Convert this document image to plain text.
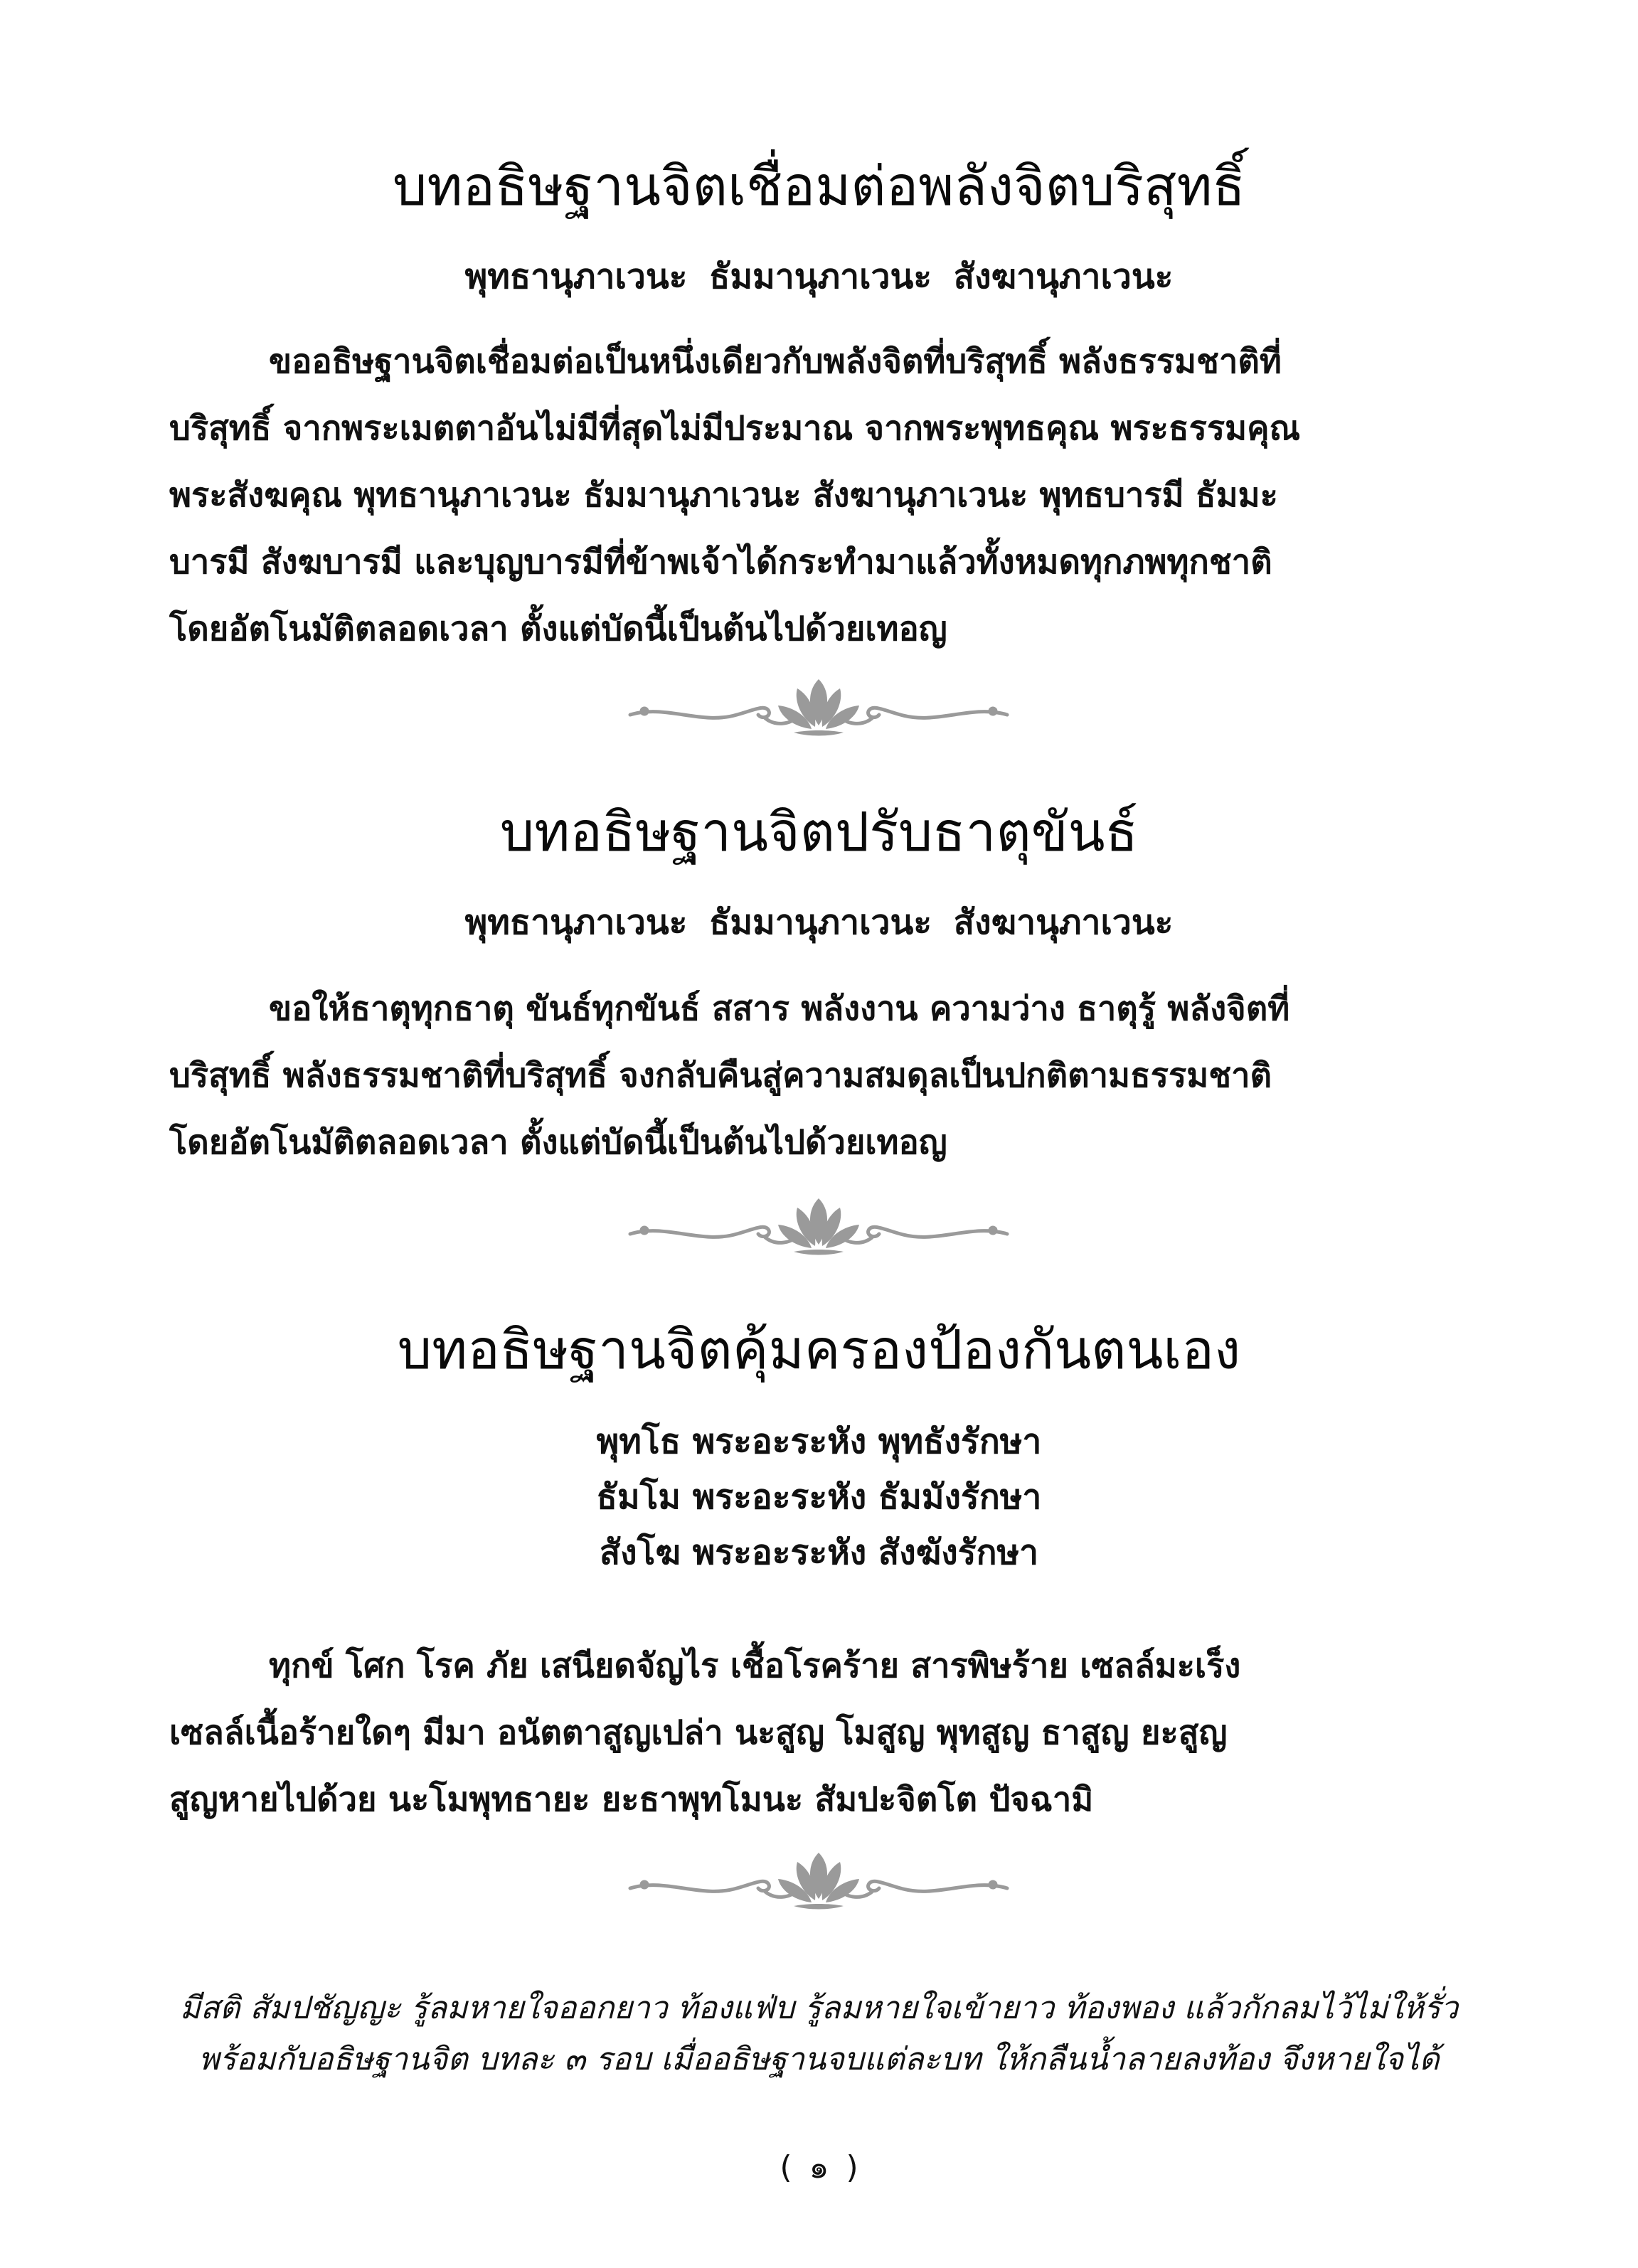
บทอธิษฐานจิตเชื่อมต่อพลังจิตบริสุทธิ์

พุทธานุภาเวนะ ธัมมานุภาเวนะ สังฆานุภาเวนะ

ขออธิษฐานจิตเชื่อมต่อเป็นหนึ่งเดียวกับพลังจิตที่บริสุทธิ์ พลังธรรมชาติที่
บริสุทธิ์ จากพระเมตตาอันไม่มีที่สุดไม่มีประมาณ จากพระพุทธคุณ พระธรรมคุณ
พระสังฆคุณ พุทธานุภาเวนะ ธัมมานุภาเวนะ สังฆานุภาเวนะ พุทธบารมี ธัมมะ
บารมี สังฆบารมี และบุญบารมีที่ข้าพเจ้าได้กระทำมาแล้วทั้งหมดทุกภพทุกชาติ
โดยอัตโนมัติตลอดเวลา ตั้งแต่บัดนี้เป็นต้นไปด้วยเทอญ
บทอธิษฐานจิตปรับธาตุขันธ์

พุทธานุภาเวนะ ธัมมานุภาเวนะ สังฆานุภาเวนะ

ขอให้ธาตุทุกธาตุ ขันธ์ทุกขันธ์ สสาร พลังงาน ความว่าง ธาตุรู้ พลังจิตที่
บริสุทธิ์ พลังธรรมชาติที่บริสุทธิ์ จงกลับคืนสู่ความสมดุลเป็นปกติตามธรรมชาติ
โดยอัตโนมัติตลอดเวลา ตั้งแต่บัดนี้เป็นต้นไปด้วยเทอญ
บทอธิษฐานจิตคุ้มครองป้องกันตนเอง
พุทโธ พระอะระหัง พุทธังรักษา
ธัมโม พระอะระหัง ธัมมังรักษา
สังโฆ พระอะระหัง สังฆังรักษา
ทุกข์ โศก โรค ภัย เสนียดจัญไร เชื้อโรคร้าย สารพิษร้าย เซลล์มะเร็ง
เซลล์เนื้อร้ายใดๆ มีมา อนัตตาสูญเปล่า นะสูญ โมสูญ พุทสูญ ธาสูญ ยะสูญ
สูญหายไปด้วย นะโมพุทธายะ ยะธาพุทโมนะ สัมปะจิตโต ปัจฉามิ
มีสติ สัมปชัญญะ รู้ลมหายใจออกยาว ท้องแฟ่บ รู้ลมหายใจเข้ายาว ท้องพอง แล้วกักลมไว้ไม่ให้รั่ว
พร้อมกับอธิษฐานจิต บทละ ๓ รอบ เมื่ออธิษฐานจบแต่ละบท ให้กลืนน้ำลายลงท้อง จึงหายใจได้
( ๑ )
